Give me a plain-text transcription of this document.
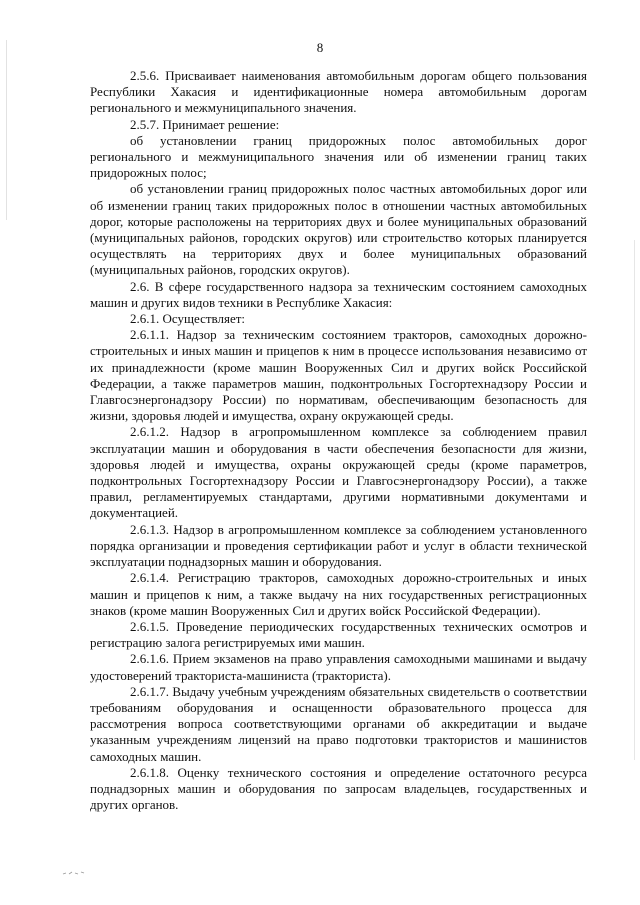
8

2.5.6. Присваивает наименования автомобильным дорогам общего пользования Республики Хакасия и идентификационные номера автомобильным дорогам регионального и межмуниципального значения.

2.5.7. Принимает решение:

об установлении границ придорожных полос автомобильных дорог регионального и межмуниципального значения или об изменении границ таких придорожных полос;

об установлении границ придорожных полос частных автомобильных дорог или об изменении границ таких придорожных полос в отношении частных автомобильных дорог, которые расположены на территориях двух и более муниципальных образований (муниципальных районов, городских округов) или строительство которых планируется осуществлять на территориях двух и более муниципальных образований (муниципальных районов, городских округов).

2.6. В сфере государственного надзора за техническим состоянием самоходных машин и других видов техники в Республике Хакасия:

2.6.1. Осуществляет:

2.6.1.1. Надзор за техническим состоянием тракторов, самоходных дорожно-строительных и иных машин и прицепов к ним в процессе использования независимо от их принадлежности (кроме машин Вооруженных Сил и других войск Российской Федерации, а также параметров машин, подконтрольных Госгортехнадзору России и Главгосэнергонадзору России) по нормативам, обеспечивающим безопасность для жизни, здоровья людей и имущества, охрану окружающей среды.

2.6.1.2. Надзор в агропромышленном комплексе за соблюдением правил эксплуатации машин и оборудования в части обеспечения безопасности для жизни, здоровья людей и имущества, охраны окружающей среды (кроме параметров, подконтрольных Госгортехнадзору России и Главгосэнергонадзору России), а также правил, регламентируемых стандартами, другими нормативными документами и документацией.

2.6.1.3. Надзор в агропромышленном комплексе за соблюдением установленного порядка организации и проведения сертификации работ и услуг в области технической эксплуатации поднадзорных машин и оборудования.

2.6.1.4. Регистрацию тракторов, самоходных дорожно-строительных и иных машин и прицепов к ним, а также выдачу на них государственных регистрационных знаков (кроме машин Вооруженных Сил и других войск Российской Федерации).

2.6.1.5. Проведение периодических государственных технических осмотров и регистрацию залога регистрируемых ими машин.

2.6.1.6. Прием экзаменов на право управления самоходными машинами и выдачу удостоверений тракториста-машиниста (тракториста).

2.6.1.7. Выдачу учебным учреждениям обязательных свидетельств о соответствии требованиям оборудования и оснащенности образовательного процесса для рассмотрения вопроса соответствующими органами об аккредитации и выдаче указанным учреждениям лицензий на право подготовки трактористов и машинистов самоходных машин.

2.6.1.8. Оценку технического состояния и определение остаточного ресурса поднадзорных машин и оборудования по запросам владельцев, государственных и других органов.
